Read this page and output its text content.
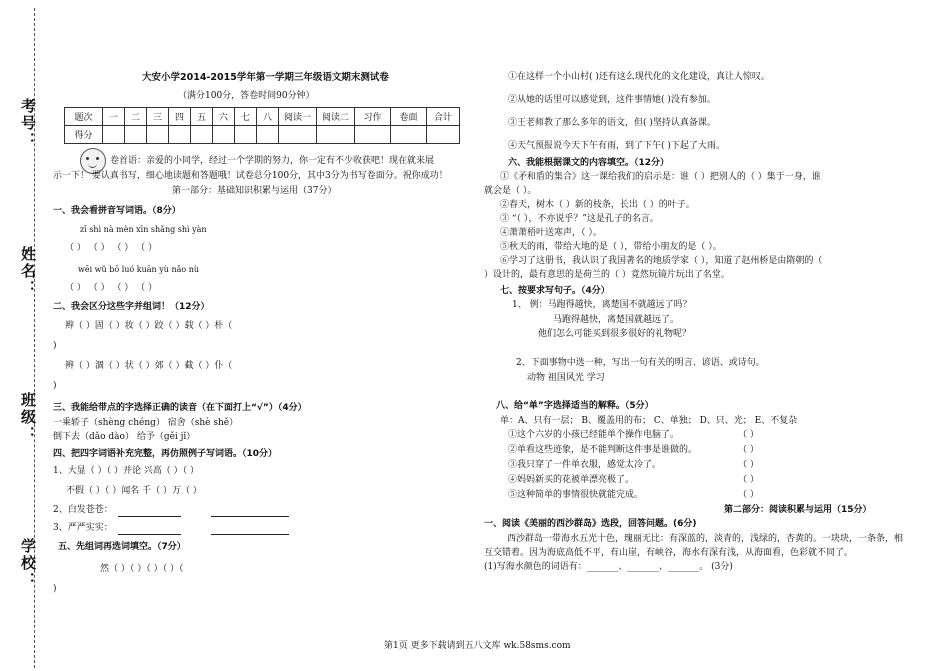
考号：
姓名：
班级：
学校：
大安小学2014-2015学年第一学期三年级语文期末测试卷
（满分100分，答卷时间90分钟）
题次	一	二	三	四	五	六	七	八	阅读一	阅读二	习作	卷面	合计
得分													
卷首语：亲爱的小同学，经过一个学期的努力，你一定有不少收获吧！现在就来展
示一下！ 要认真书写，细心地读题和答题哦！试卷总分100分，其中3分为书写卷面分。祝你成功！
第一部分：基础知识积累与运用（37分）
一、我会看拼音写词语。（8分）
zī shì nà mèn xīn shǎng shì yàn
（ ） （ ） （ ） （ ）
wēi wǔ bō luó kuān yù nǎo nù
（ ） （ ） （ ） （ ）
二、我会区分这些字并组词！（12分）
辫（ ）固（ ）妆（ ）跤（ ）载（ ）朴（
)
辨（ ）涸（ ）状（ ）郊（ ）截（ ）仆（
)
三、我能给带点的字选择正确的读音（在下面打上“√”）（4分）
一乘轿子（shèng chéng） 宿舍（shè shě）
倒下去（dǎo dào） 给予（gěi jǐ）
四、把四字词语补充完整，再仿照例子写词语。（10分）
1、大显（ ）（ ）并论 兴高（ ）（ ）
不假（ ）（ ）闻名 千（ ）万（ ）
2、白发苍苍：
3、严严实实：
五、先组词再选词填空。（7分）
然（ ）（ ）（ ）（ ）（
)
①在这样一个小山村( )还有这么现代化的文化建设，真让人惊叹。
②从她的话里可以感觉到，这件事情她( )没有参加。
③王老师教了那么多年的语文，但( )坚持认真备课。
④天气预报说今天下午有雨，到了下午( )下起了大雨。
六、我能根据课文的内容填空。（12分）
①《矛和盾的集合》这一课给我们的启示是：谁（ ）把别人的（ ）集于一身，谁
就会是（ ）。
②春天，树木（ ）新的枝条，长出（ ）的叶子。
③ “（ ），不亦说乎？”这是孔子的名言。
④萧萧梧叶送寒声，（ ）。
⑤秋天的雨，带给大地的是（ ），带给小朋友的是（ ）。
⑥学习了这册书，我认识了我国著名的地质学家（ ），知道了赵州桥是由隋朝的（
）设计的，最有意思的是荷兰的（ ）竟然玩镜片玩出了名堂。
七、按要求写句子。（4分）
1、 例：马跑得越快，离楚国不就越远了吗？
马跑得越快，离楚国就越远了。
他们怎么可能买到很多很好的礼物呢？
2、下面事物中选一种，写出一句有关的明言、谚语、或诗句。
动物 祖国风光 学习
八、给“单”字选择适当的解释。（5分）
单：A、只有一层； B、覆盖用的布； C、单独； D、只、光； E、不复杂
①这个六岁的小孩已经能单个操作电脑了。	（ ）
②单看这些迹象，是不能判断这件事是谁做的。	（ ）
③我只穿了一件单衣服，感觉太冷了。	（ ）
④妈妈新买的花被单漂亮极了。	（ ）
⑤这种简单的事情很快就能完成。	（ ）
第二部分：阅读积累与运用（15分）
一、阅读《美丽的西沙群岛》选段，回答问题。(6分)
西沙群岛一带海水五光十色，瑰丽无比：有深蓝的，淡青的，浅绿的，杏黄的。一块块，一条条，相
互交错着。因为海底高低不平，有山崖，有峡谷，海水有深有浅，从海面看，色彩就不同了。
(1)写海水颜色的词语有：_______、_______、_______。 (3分)
第1页 更多下载请到五八文库 wk.58sms.com
